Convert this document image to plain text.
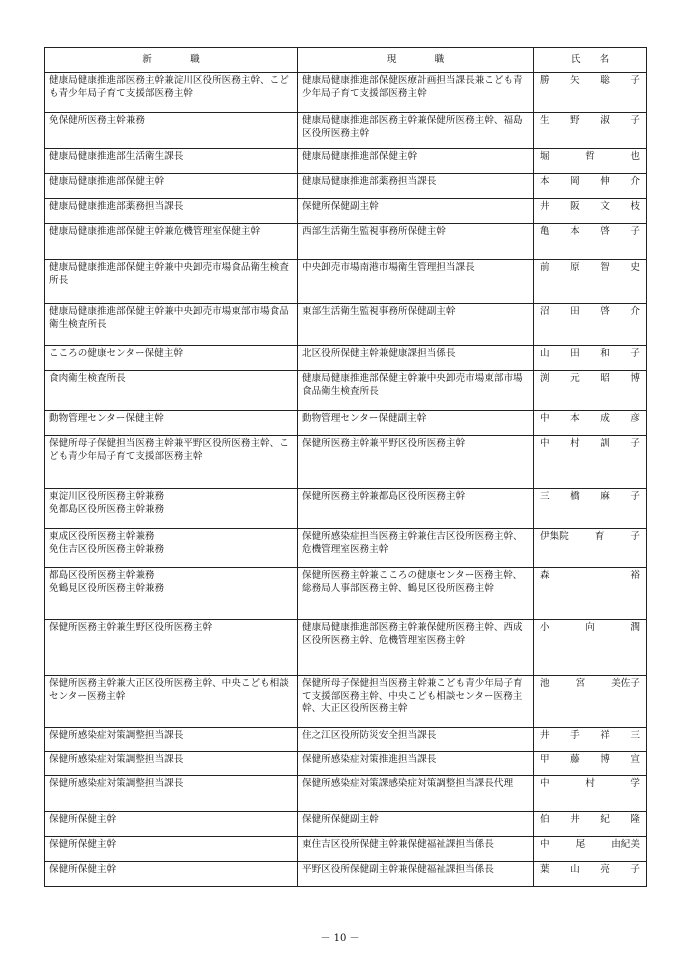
新　　　　職	現　　　　職	氏　　名
健康局健康推進部医務主幹兼淀川区役所医務主幹、こども青少年局子育て支援部医務主幹	健康局健康推進部保健医療計画担当課長兼こども青少年局子育て支援部医務主幹	勝 矢 聡 子

免保健所医務主幹兼務	健康局健康推進部医務主幹兼保健所医務主幹、福島区役所医務主幹	生 野 淑 子

健康局健康推進部生活衛生課長	健康局健康推進部保健主幹	堀 哲 也

健康局健康推進部保健主幹	健康局健康推進部薬務担当課長	本 岡 伸 介

健康局健康推進部薬務担当課長	保健所保健副主幹	井 阪 文 枝

健康局健康推進部保健主幹兼危機管理室保健主幹	西部生活衛生監視事務所保健主幹	亀 本 啓 子

健康局健康推進部保健主幹兼中央卸売市場食品衛生検査所長	中央卸売市場南港市場衛生管理担当課長	前 原 智 史

健康局健康推進部保健主幹兼中央卸売市場東部市場食品衛生検査所長	東部生活衛生監視事務所保健副主幹	沼 田 啓 介

こころの健康センター保健主幹	北区役所保健主幹兼健康課担当係長	山 田 和 子

食肉衛生検査所長	健康局健康推進部保健主幹兼中央卸売市場東部市場食品衛生検査所長	渕 元 昭 博

動物管理センター保健主幹	動物管理センター保健副主幹	中 本 成 彦

保健所母子保健担当医務主幹兼平野区役所医務主幹、こども青少年局子育て支援部医務主幹	保健所医務主幹兼平野区役所医務主幹	中 村 訓 子

東淀川区役所医務主幹兼務
免都島区役所医務主幹兼務	保健所医務主幹兼都島区役所医務主幹	三 橋 麻 子

東成区役所医務主幹兼務
免住吉区役所医務主幹兼務	保健所感染症担当医務主幹兼住吉区役所医務主幹、危機管理室医務主幹	伊集院 育 子

都島区役所医務主幹兼務
免鶴見区役所医務主幹兼務	保健所医務主幹兼こころの健康センター医務主幹、総務局人事部医務主幹、鶴見区役所医務主幹	森 裕

保健所医務主幹兼生野区役所医務主幹	健康局健康推進部医務主幹兼保健所医務主幹、西成区役所医務主幹、危機管理室医務主幹	小 向 潤

保健所医務主幹兼大正区役所医務主幹、中央こども相談センター医務主幹	保健所母子保健担当医務主幹兼こども青少年局子育て支援部医務主幹、中央こども相談センター医務主幹、大正区役所医務主幹	池 宮 美佐子

保健所感染症対策調整担当課長	住之江区役所防災安全担当課長	井 手 祥 三

保健所感染症対策調整担当課長	保健所感染症対策推進担当課長	甲 藤 博 宣

保健所感染症対策調整担当課長	保健所感染症対策課感染症対策調整担当課長代理	中 村 学

保健所保健主幹	保健所保健副主幹	伯 井 紀 隆

保健所保健主幹	東住吉区役所保健主幹兼保健福祉課担当係長	中 尾 由紀美

保健所保健主幹	平野区役所保健副主幹兼保健福祉課担当係長	葉 山 亮 子
－ 10 －
